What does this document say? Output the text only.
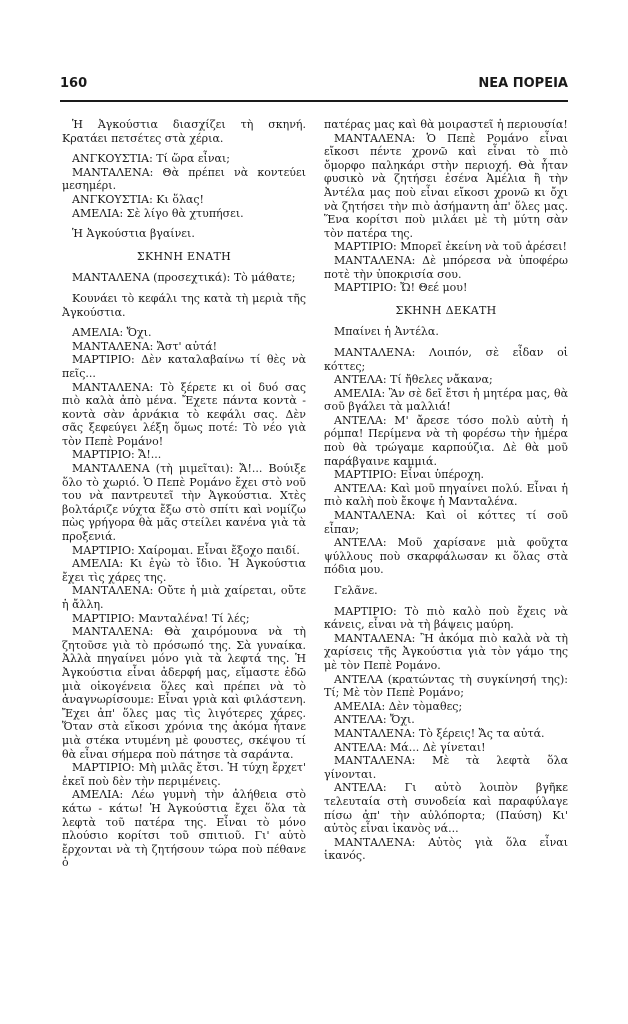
160	ΝΕΑ ΠΟΡΕΙΑ

Ἡ Ἀγκούστια διασχίζει τὴ σκηνή. Κρατάει πετσέτες στὰ χέρια.

ΑΝΓΚΟΥΣΤΙΑ: Τί ὥρα εἶναι;

ΜΑΝΤΑΛΕΝΑ: Θὰ πρέπει νὰ κοντεύει μεσημέρι.

ΑΝΓΚΟΥΣΤΙΑ: Κι ὅλας!

ΑΜΕΛΙΑ: Σὲ λίγο θὰ χτυπήσει.

Ἡ Ἀγκούστια βγαίνει.

ΣΚΗΝΗ ΕΝΑΤΗ

ΜΑΝΤΑΛΕΝΑ (προσεχτικά): Τὸ μάθατε;

Κουνάει τὸ κεφάλι της κατὰ τὴ μεριὰ τῆς Ἀγκούστια.

ΑΜΕΛΙΑ: Ὄχι.

ΜΑΝΤΑΛΕΝΑ: Ἄστ' αὐτά!

ΜΑΡΤΙΡΙΟ: Δὲν καταλαβαίνω τί θὲς νὰ πεῖς...

ΜΑΝΤΑΛΕΝΑ: Τὸ ξέρετε κι οἱ δυό σας πιὸ καλὰ ἀπὸ μένα. Ἔχετε πάντα κοντὰ - κοντὰ σὰν ἀρνάκια τὸ κεφάλι σας. Δὲν σᾶς ξεφεύγει λέξη ὅμως ποτέ: Τὸ νέο γιὰ τὸν Πεπὲ Ρομάνο!

ΜΑΡΤΙΡΙΟ: Ἄ!...

ΜΑΝΤΑΛΕΝΑ (τὴ μιμεῖται): Ἄ!... Βούιξε ὅλο τὸ χωριό. Ὁ Πεπὲ Ρομάνο ἔχει στὸ νοῦ του νὰ παντρευτεῖ τὴν Ἀγκούστια. Χτὲς βολτάριζε νύχτα ἔξω στὸ σπίτι καὶ νομίζω πὼς γρήγορα θὰ μᾶς στείλει κανένα γιὰ τὰ προξενιά.

ΜΑΡΤΙΡΙΟ: Χαίρομαι. Εἶναι ἔξοχο παιδί.

ΑΜΕΛΙΑ: Κι ἐγὼ τὸ ἴδιο. Ἡ Ἀγκούστια ἔχει τὶς χάρες της.

ΜΑΝΤΑΛΕΝΑ: Οὔτε ἡ μιὰ χαίρεται, οὔτε ἡ ἄλλη.

ΜΑΡΤΙΡΙΟ: Μανταλένα! Τί λές;

ΜΑΝΤΑΛΕΝΑ: Θὰ χαιρόμουνα νὰ τὴ ζητοῦσε γιὰ τὸ πρόσωπό της. Σὰ γυναίκα. Ἀλλὰ πηγαίνει μόνο γιὰ τὰ λεφτά της. Ἡ Ἀγκούστια εἶναι ἀδερφή μας, εἴμαστε ἐδῶ μιὰ οἰκογένεια ὅλες καὶ πρέπει νὰ τὸ ἀναγνωρίσουμε: Εἶναι γριὰ καὶ φιλάστενη. Ἔχει ἀπ' ὅλες μας τὶς λιγότερες χάρες. Ὅταν στὰ εἴκοσι χρόνια της ἀκόμα ἦτανε μιὰ στέκα ντυμένη μὲ φουστες, σκέψου τί θὰ εἶναι σήμερα ποὺ πάτησε τὰ σαράντα.

ΜΑΡΤΙΡΙΟ: Μὴ μιλᾶς ἔτσι. Ἡ τύχη ἔρχετ' ἐκεῖ ποὺ δὲν τὴν περιμένεις.

ΑΜΕΛΙΑ: Λέω γυμνὴ τὴν ἀλήθεια στὸ κάτω - κάτω! Ἡ Ἀγκούστια ἔχει ὅλα τὰ λεφτὰ τοῦ πατέρα της. Εἶναι τὸ μόνο πλούσιο κορίτσι τοῦ σπιτιοῦ. Γι' αὐτὸ ἔρχονται νὰ τὴ ζητήσουν τώρα ποὺ πέθανε ὁ

πατέρας μας καὶ θὰ μοιραστεῖ ἡ περιουσία!

ΜΑΝΤΑΛΕΝΑ: Ὁ Πεπὲ Ρομάνο εἶναι εἴκοσι πέντε χρονῶ καὶ εἶναι τὸ πιὸ ὄμορφο παληκάρι στὴν περιοχή. Θὰ ἦταν φυσικὸ νὰ ζητήσει ἐσένα Ἀμέλια ἢ τὴν Ἀντέλα μας ποὺ εἶναι εἴκοσι χρονῶ κι ὄχι νὰ ζητήσει τὴν πιὸ ἀσήμαντη ἀπ' ὅλες μας. Ἕνα κορίτσι ποὺ μιλάει μὲ τὴ μύτη σὰν τὸν πατέρα της.

ΜΑΡΤΙΡΙΟ: Μπορεῖ ἐκείνη νὰ τοῦ ἀρέσει!

ΜΑΝΤΑΛΕΝΑ: Δὲ μπόρεσα νὰ ὑποφέρω ποτὲ τὴν ὑποκρισία σου.

ΜΑΡΤΙΡΙΟ: Ὤ! Θεέ μου!

ΣΚΗΝΗ ΔΕΚΑΤΗ

Μπαίνει ἡ Ἀντέλα.

ΜΑΝΤΑΛΕΝΑ: Λοιπόν, σὲ εἶδαν οἱ κόττες;

ΑΝΤΕΛΑ: Τί ἤθελες νἄκανα;

ΑΜΕΛΙΑ: Ἂν σὲ δεῖ ἔτσι ἡ μητέρα μας, θὰ σοῦ βγάλει τὰ μαλλιά!

ΑΝΤΕΛΑ: Μ' ἄρεσε τόσο πολὺ αὐτὴ ἡ ρόμπα! Περίμενα νὰ τὴ φορέσω τὴν ἡμέρα ποὺ θὰ τρώγαμε καρπούζια. Δὲ θὰ μοῦ παράβγαινε καμμιά.

ΜΑΡΤΙΡΙΟ: Εἶναι ὑπέροχη.

ΑΝΤΕΛΑ: Καὶ μοῦ πηγαίνει πολύ. Εἶναι ἡ πιὸ καλὴ ποὺ ἔκοψε ἡ Μανταλένα.

ΜΑΝΤΑΛΕΝΑ: Καὶ οἱ κόττες τί σοῦ εἶπαν;

ΑΝΤΕΛΑ: Μοῦ χαρίσανε μιὰ φοῦχτα ψύλλους ποὺ σκαρφάλωσαν κι ὅλας στὰ πόδια μου.

Γελᾶνε.

ΜΑΡΤΙΡΙΟ: Τὸ πιὸ καλὸ ποὺ ἔχεις νὰ κάνεις, εἶναι νὰ τὴ βάψεις μαύρη.

ΜΑΝΤΑΛΕΝΑ: Ἢ ἀκόμα πιὸ καλὰ νὰ τὴ χαρίσεις τῆς Ἀγκούστια γιὰ τὸν γάμο της μὲ τὸν Πεπὲ Ρομάνο.

ΑΝΤΕΛΑ (κρατώντας τὴ συγκίνησή της): Τί; Μὲ τὸν Πεπὲ Ρομάνο;

ΑΜΕΛΙΑ: Δὲν τὸμαθες;

ΑΝΤΕΛΑ: Ὄχι.

ΜΑΝΤΑΛΕΝΑ: Τὸ ξέρεις! Ἄς τα αὐτά.

ΑΝΤΕΛΑ: Μά... Δὲ γίνεται!

ΜΑΝΤΑΛΕΝΑ: Μὲ τὰ λεφτὰ ὅλα γίνονται.

ΑΝΤΕΛΑ: Γι αὐτὸ λοιπὸν βγῆκε τελευταία στὴ συνοδεία καὶ παραφύλαγε πίσω ἀπ' τὴν αὐλόπορτα; (Παύση) Κι' αὐτὸς εἶναι ἱκανὸς νά...

ΜΑΝΤΑΛΕΝΑ: Αὐτὸς γιὰ ὅλα εἶναι ἱκανός.
